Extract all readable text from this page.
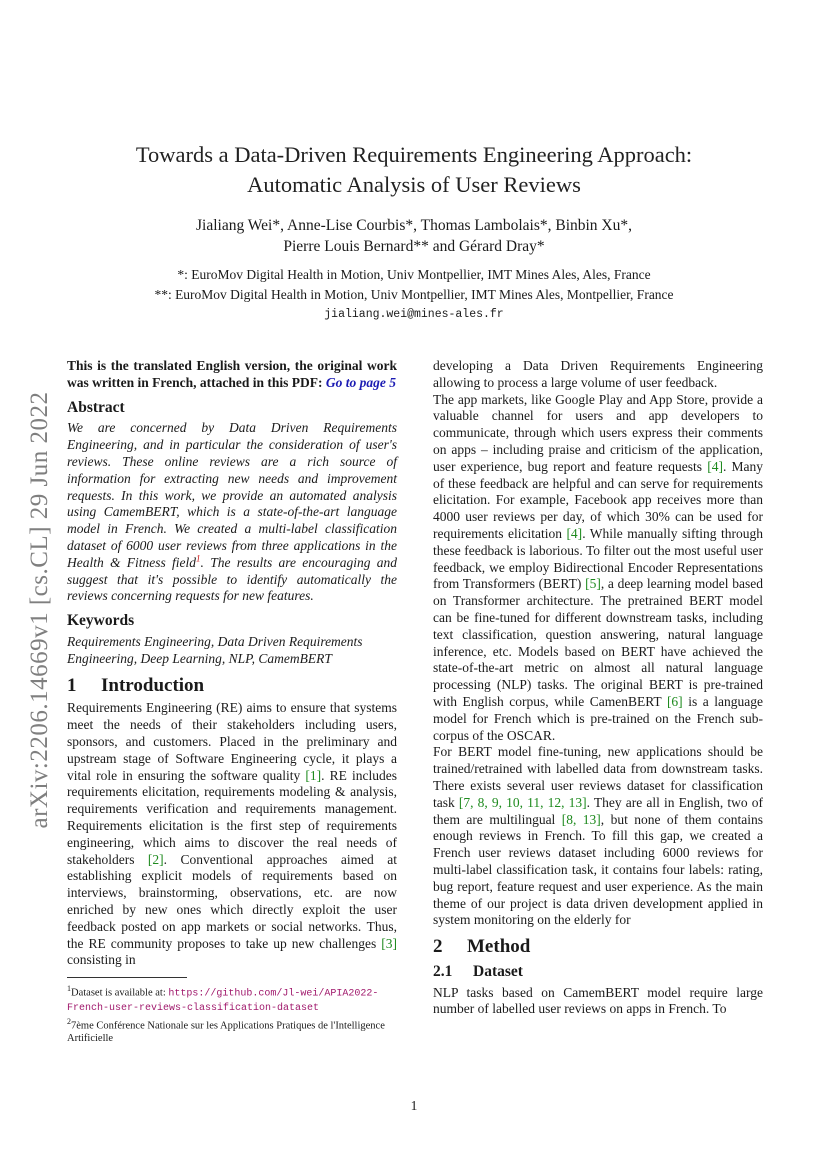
arXiv:2206.14669v1 [cs.CL] 29 Jun 2022
Towards a Data-Driven Requirements Engineering Approach:
Automatic Analysis of User Reviews
Jialiang Wei*, Anne-Lise Courbis*, Thomas Lambolais*, Binbin Xu*,
Pierre Louis Bernard** and Gérard Dray*
*: EuroMov Digital Health in Motion, Univ Montpellier, IMT Mines Ales, Ales, France
**: EuroMov Digital Health in Motion, Univ Montpellier, IMT Mines Ales, Montpellier, France
jialiang.wei@mines-ales.fr

This is the translated English version, the original work was written in French, attached in this PDF: Go to page 5

Abstract

We are concerned by Data Driven Requirements Engineering, and in particular the consideration of user's reviews. These online reviews are a rich source of information for extracting new needs and improvement requests. In this work, we provide an automated analysis using CamemBERT, which is a state-of-the-art language model in French. We created a multi-label classification dataset of 6000 user reviews from three applications in the Health & Fitness field$^1$. The results are encouraging and suggest that it's possible to identify automatically the reviews concerning requests for new features.

Keywords

Requirements Engineering, Data Driven Requirements Engineering, Deep Learning, NLP, CamemBERT

1 Introduction

Requirements Engineering (RE) aims to ensure that systems meet the needs of their stakeholders including users, sponsors, and customers. Placed in the preliminary and upstream stage of Software Engineering cycle, it plays a vital role in ensuring the software quality [1]. RE includes requirements elicitation, requirements modeling & analysis, requirements verification and requirements management. Requirements elicitation is the first step of requirements engineering, which aims to discover the real needs of stakeholders [2]. Conventional approaches aimed at establishing explicit models of requirements based on interviews, brainstorming, observations, etc. are now enriched by new ones which directly exploit the user feedback posted on app markets or social networks. Thus, the RE community proposes to take up new challenges [3] consisting in

$^1$Dataset is available at: https://github.com/Jl-wei/APIA2022-French-user-reviews-classification-dataset
$^2$7ème Conférence Nationale sur les Applications Pratiques de l'Intelligence Artificielle

developing a Data Driven Requirements Engineering allowing to process a large volume of user feedback.

The app markets, like Google Play and App Store, provide a valuable channel for users and app developers to communicate, through which users express their comments on apps – including praise and criticism of the application, user experience, bug report and feature requests [4]. Many of these feedback are helpful and can serve for requirements elicitation. For example, Facebook app receives more than 4000 user reviews per day, of which 30% can be used for requirements elicitation [4]. While manually sifting through these feedback is laborious. To filter out the most useful user feedback, we employ Bidirectional Encoder Representations from Transformers (BERT) [5], a deep learning model based on Transformer architecture. The pretrained BERT model can be fine-tuned for different downstream tasks, including text classification, question answering, natural language inference, etc. Models based on BERT have achieved the state-of-the-art metric on almost all natural language processing (NLP) tasks. The original BERT is pre-trained with English corpus, while CamenBERT [6] is a language model for French which is pre-trained on the French sub-corpus of the OSCAR.

For BERT model fine-tuning, new applications should be trained/retrained with labelled data from downstream tasks. There exists several user reviews dataset for classification task [7, 8, 9, 10, 11, 12, 13]. They are all in English, two of them are multilingual [8, 13], but none of them contains enough reviews in French. To fill this gap, we created a French user reviews dataset including 6000 reviews for multi-label classification task, it contains four labels: rating, bug report, feature request and user experience. As the main theme of our project is data driven development applied in system monitoring on the elderly for

2 Method
2.1 Dataset

NLP tasks based on CamemBERT model require large number of labelled user reviews on apps in French. To

1
